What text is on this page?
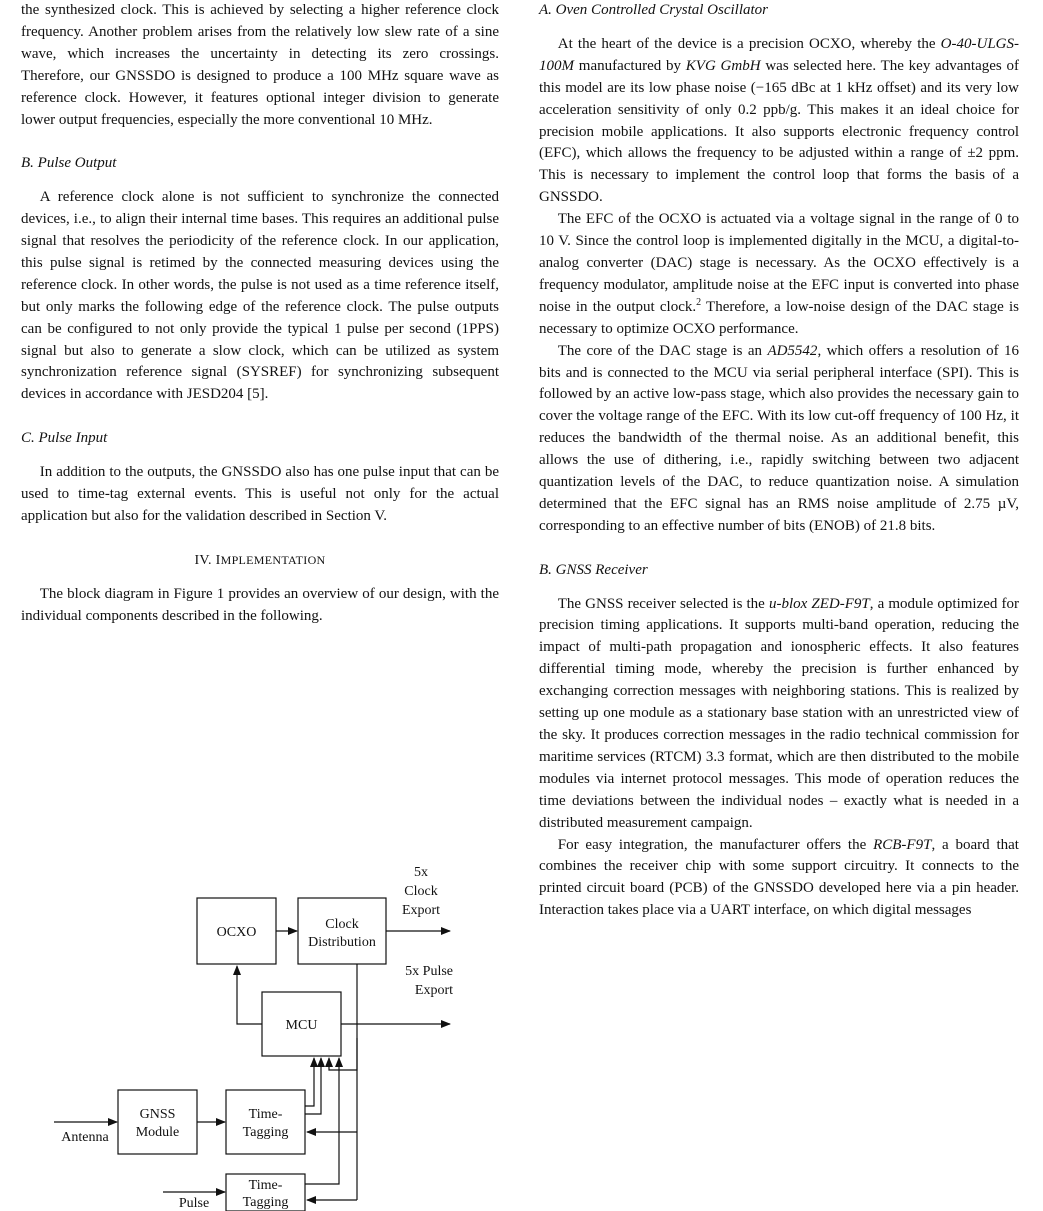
the synthesized clock. This is achieved by selecting a higher reference clock frequency. Another problem arises from the relatively low slew rate of a sine wave, which increases the uncertainty in detecting its zero crossings. Therefore, our GNSSDO is designed to produce a 100 MHz square wave as reference clock. However, it features optional integer division to generate lower output frequencies, especially the more conventional 10 MHz.

B. Pulse Output

A reference clock alone is not sufficient to synchronize the connected devices, i.e., to align their internal time bases. This requires an additional pulse signal that resolves the periodicity of the reference clock. In our application, this pulse signal is retimed by the connected measuring devices using the reference clock. In other words, the pulse is not used as a time reference itself, but only marks the following edge of the reference clock. The pulse outputs can be configured to not only provide the typical 1 pulse per second (1PPS) signal but also to generate a slow clock, which can be utilized as system synchronization reference signal (SYSREF) for synchronizing subsequent devices in accordance with JESD204 [5].

C. Pulse Input

In addition to the outputs, the GNSSDO also has one pulse input that can be used to time-tag external events. This is useful not only for the actual application but also for the validation described in Section V.

IV. IMPLEMENTATION

The block diagram in Figure 1 provides an overview of our design, with the individual components described in the following.

OCXO
Clock
Distribution
MCU
GNSS
Module
Time-
Tagging
Time-
Tagging
5x
Clock
Export
5x Pulse
Export
Antenna
Pulse
A. Oven Controlled Crystal Oscillator

At the heart of the device is a precision OCXO, whereby the O-40-ULGS-100M manufactured by KVG GmbH was selected here. The key advantages of this model are its low phase noise (−165 dBc at 1 kHz offset) and its very low acceleration sensitivity of only 0.2 ppb/g. This makes it an ideal choice for precision mobile applications. It also supports electronic frequency control (EFC), which allows the frequency to be adjusted within a range of ±2 ppm. This is necessary to implement the control loop that forms the basis of a GNSSDO.

The EFC of the OCXO is actuated via a voltage signal in the range of 0 to 10 V. Since the control loop is implemented digitally in the MCU, a digital-to-analog converter (DAC) stage is necessary. As the OCXO effectively is a frequency modulator, amplitude noise at the EFC input is converted into phase noise in the output clock.$^2$ Therefore, a low-noise design of the DAC stage is necessary to optimize OCXO performance.

The core of the DAC stage is an AD5542, which offers a resolution of 16 bits and is connected to the MCU via serial peripheral interface (SPI). This is followed by an active low-pass stage, which also provides the necessary gain to cover the voltage range of the EFC. With its low cut-off frequency of 100 Hz, it reduces the bandwidth of the thermal noise. As an additional benefit, this allows the use of dithering, i.e., rapidly switching between two adjacent quantization levels of the DAC, to reduce quantization noise. A simulation determined that the EFC signal has an RMS noise amplitude of 2.75 µV, corresponding to an effective number of bits (ENOB) of 21.8 bits.

B. GNSS Receiver

The GNSS receiver selected is the u-blox ZED-F9T, a module optimized for precision timing applications. It supports multi-band operation, reducing the impact of multi-path propagation and ionospheric effects. It also features differential timing mode, whereby the precision is further enhanced by exchanging correction messages with neighboring stations. This is realized by setting up one module as a stationary base station with an unrestricted view of the sky. It produces correction messages in the radio technical commission for maritime services (RTCM) 3.3 format, which are then distributed to the mobile modules via internet protocol messages. This mode of operation reduces the time deviations between the individual nodes – exactly what is needed in a distributed measurement campaign.

For easy integration, the manufacturer offers the RCB-F9T, a board that combines the receiver chip with some support circuitry. It connects to the printed circuit board (PCB) of the GNSSDO developed here via a pin header. Interaction takes place via a UART interface, on which digital messages
